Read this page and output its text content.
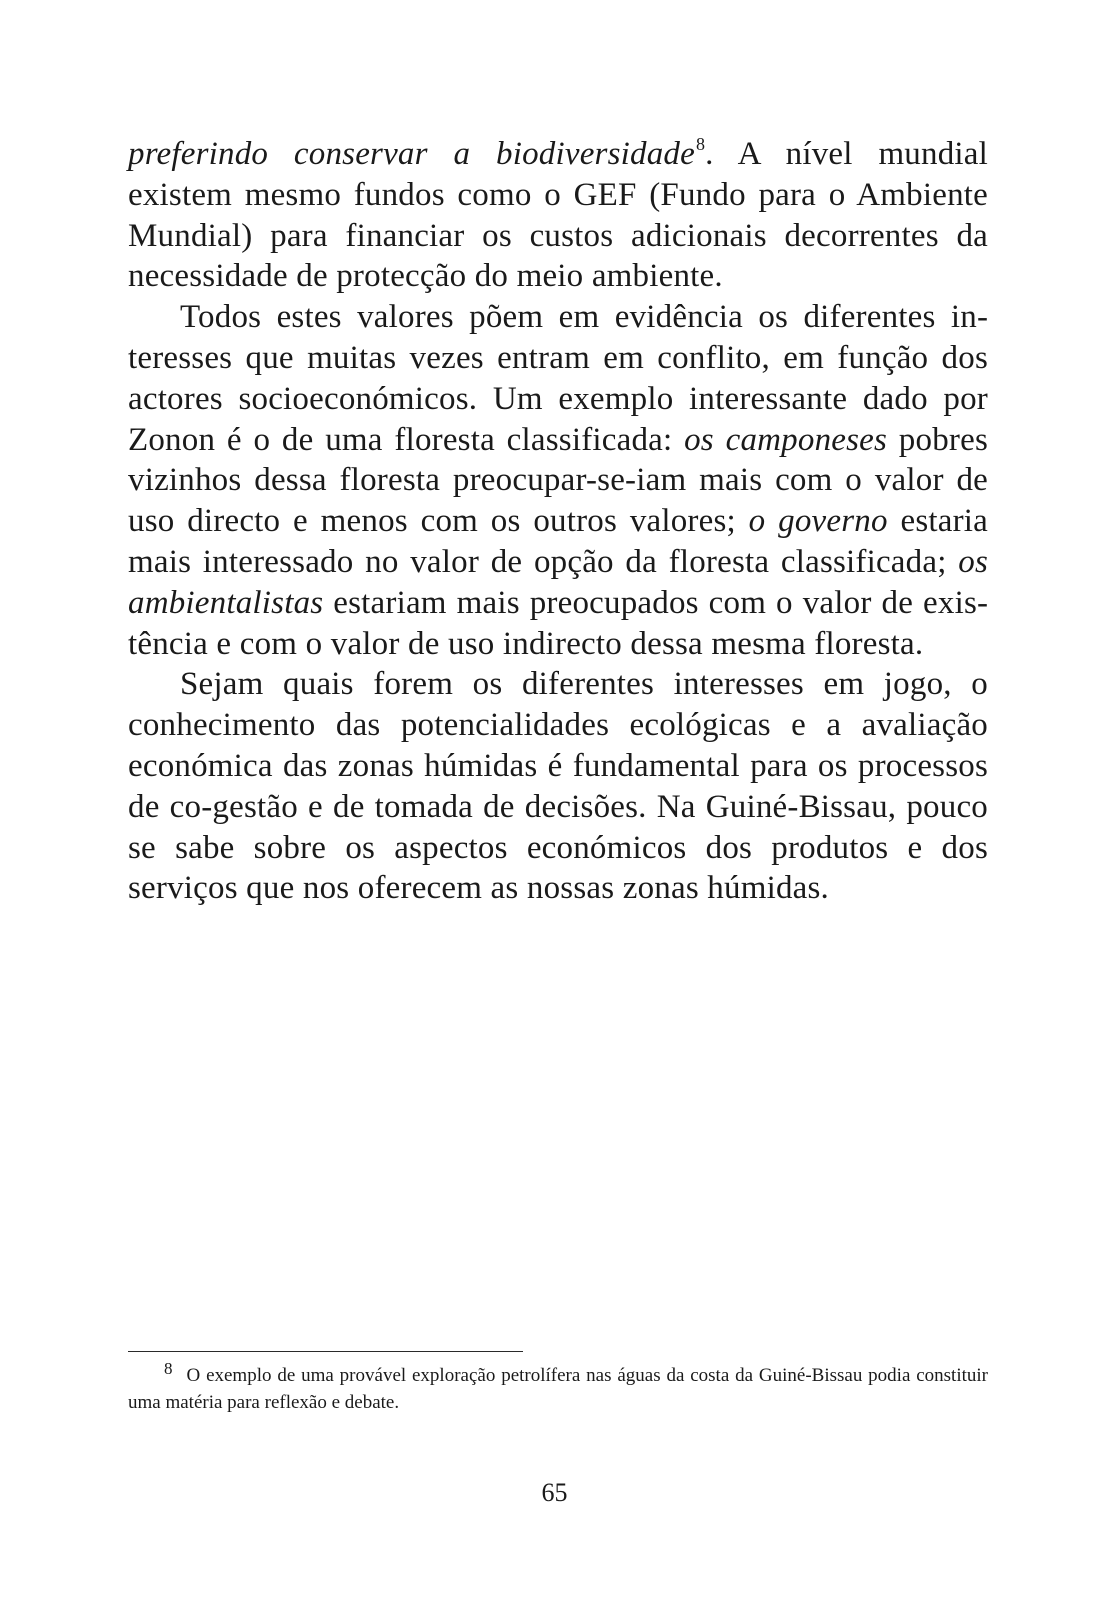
preferindo conservar a biodiversidade$^8$. A nível mundial existem mesmo fundos como o GEF (Fundo para o Ambiente Mundial) para financiar os custos adicionais decorrentes da necessidade de protecção do meio ambiente.

Todos estes valores põem em evidência os diferentes interesses que muitas vezes entram em conflito, em função dos actores socioeconómicos. Um exemplo interessante dado por Zonon é o de uma floresta classificada: os camponeses pobres vizinhos dessa floresta preocupar-se-iam mais com o valor de uso directo e menos com os outros valores; o governo estaria mais interessado no valor de opção da floresta classificada; os ambientalistas estariam mais preocupados com o valor de existência e com o valor de uso indirecto dessa mesma floresta.

Sejam quais forem os diferentes interesses em jogo, o conhecimento das potencialidades ecológicas e a avaliação económica das zonas húmidas é fundamental para os processos de co-gestão e de tomada de decisões. Na Guiné-Bissau, pouco se sabe sobre os aspectos económicos dos produtos e dos serviços que nos oferecem as nossas zonas húmidas.

8 O exemplo de uma provável exploração petrolífera nas águas da costa da Guiné-Bissau podia constituir uma matéria para reflexão e debate.

65
